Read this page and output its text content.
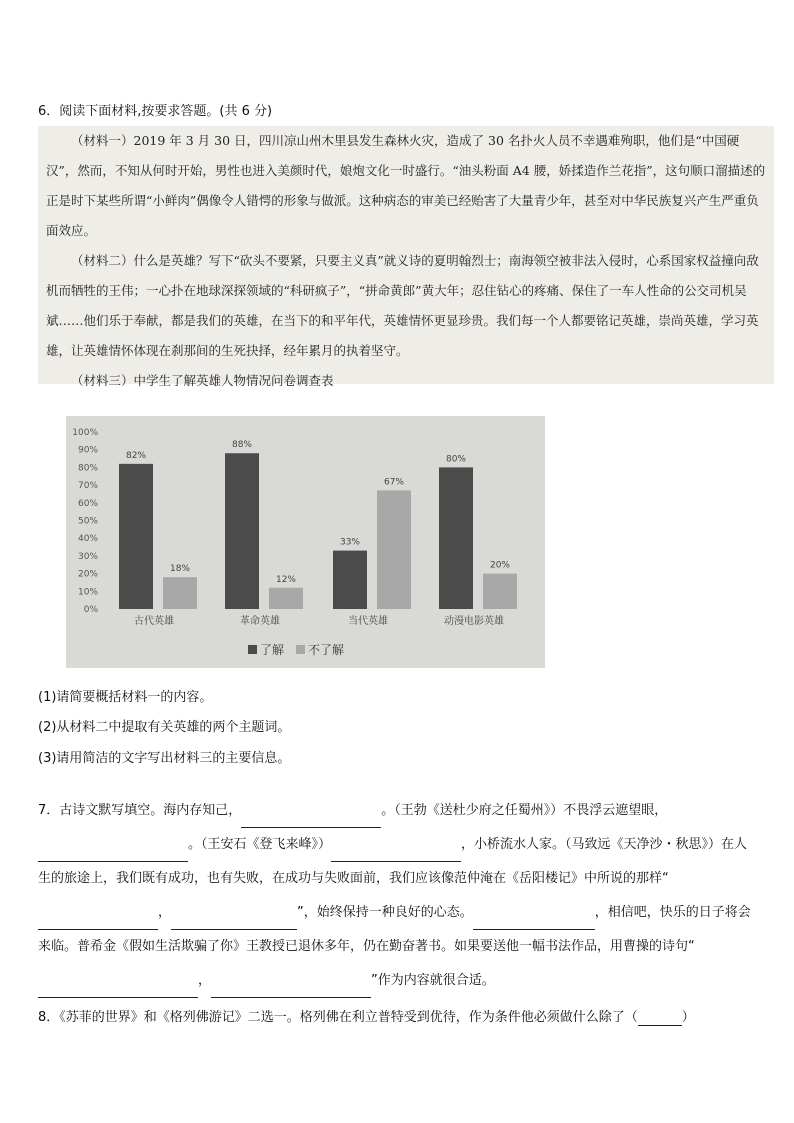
6．阅读下面材料,按要求答题。(共 6 分)

（材料一）2019 年 3 月 30 日，四川凉山州木里县发生森林火灾，造成了 30 名扑火人员不幸遇难殉职，他们是“中国硬汉”，然而，不知从何时开始，男性也进入美颜时代，娘炮文化一时盛行。“油头粉面 A4 腰，娇揉造作兰花指”，这句顺口溜描述的正是时下某些所谓“小鲜肉”偶像令人错愕的形象与做派。这种病态的审美已经贻害了大量青少年，甚至对中华民族复兴产生严重负面效应。

（材料二）什么是英雄？写下“砍头不要紧，只要主义真”就义诗的夏明翰烈士；南海领空被非法入侵时，心系国家权益撞向敌机而牺牲的王伟；一心扑在地球深探领域的“科研疯子”，“拼命黄郎”黄大年；忍住钻心的疼痛、保住了一车人性命的公交司机吴斌……他们乐于奉献，都是我们的英雄，在当下的和平年代，英雄情怀更显珍贵。我们每一个人都要铭记英雄，崇尚英雄，学习英雄，让英雄情怀体现在刹那间的生死抉择，经年累月的执着坚守。

（材料三）中学生了解英雄人物情况问卷调查表

100%
90%
80%
70%
60%
50%
40%
30%
20%
10%
0%
82%
18%
古代英雄
88%
12%
革命英雄
33%
67%
当代英雄
80%
20%
动漫电影英雄
了解 不了解
(1)请简要概括材料一的内容。
(2)从材料二中提取有关英雄的两个主题词。
(3)请用简洁的文字写出材料三的主要信息。

7．古诗文默写填空。海内存知己，	。（王勃《送杜少府之任蜀州》）不畏浮云遮望眼， 。（王安石《登飞来峰》）	，小桥流水人家。（马致远《天净沙・秋思》）在人生的旅途上，我们既有成功，也有失败，在成功与失败面前，我们应该像范仲淹在《岳阳楼记》中所说的那样“，	”，始终保持一种良好的心态。	，相信吧，快乐的日子将会来临。普希金《假如生活欺骗了你》王教授已退休多年，仍在勤奋著书。如果要送他一幅书法作品，用曹操的诗句“，	”作为内容就很合适。

8．《苏菲的世界》和《格列佛游记》二选一。格列佛在利立普特受到优待，作为条件他必须做什么除了（	）
